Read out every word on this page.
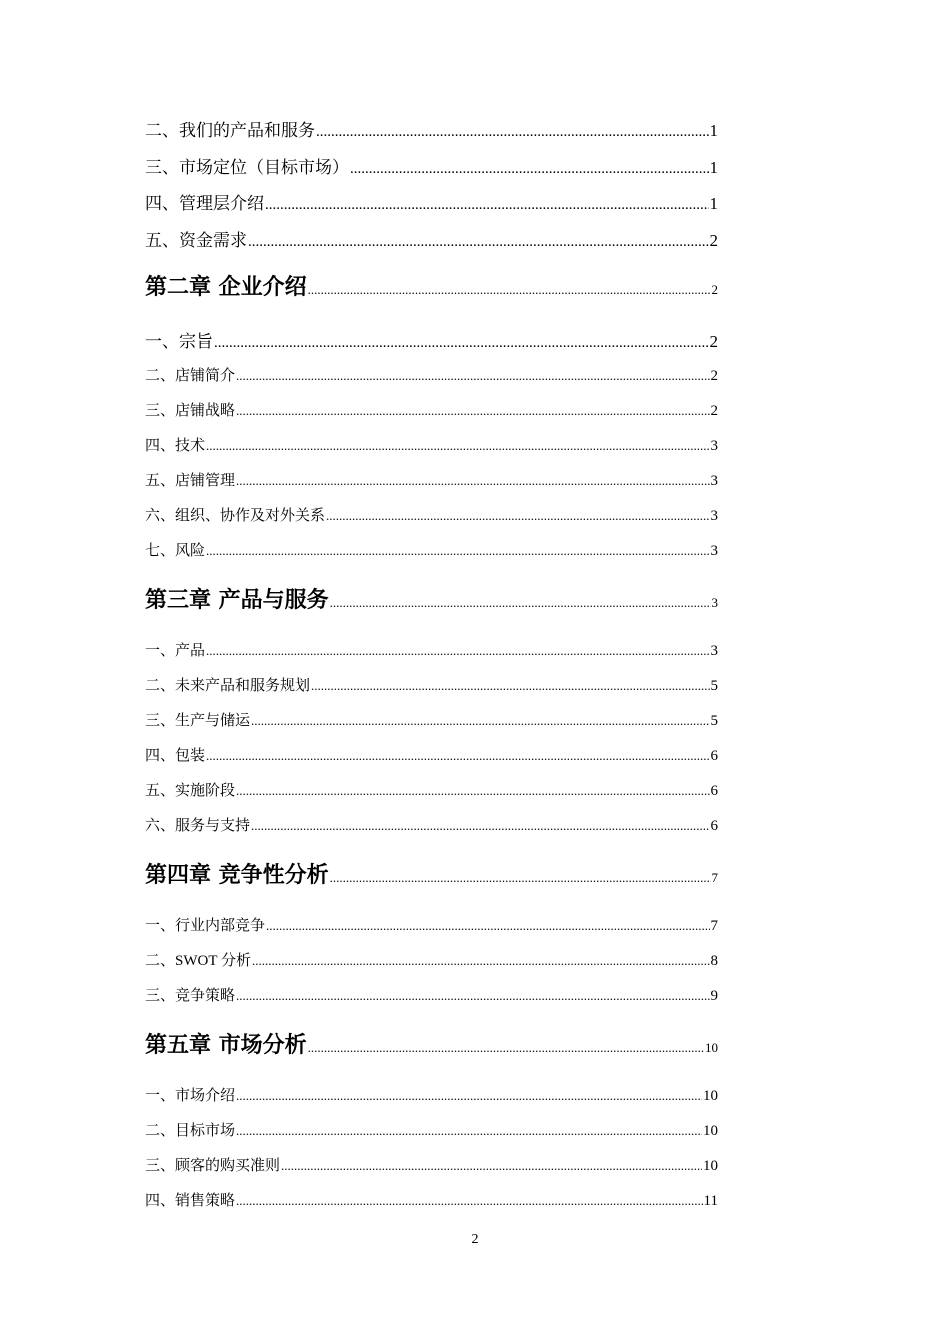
二、我们的产品和服务 .....	1
三、市场定位（目标市场） .....	1
四、管理层介绍 .....	1
五、资金需求 .....	2
第二章 企业介绍 .....	2
一、宗旨 .....	2
二、店铺简介 .....	2
三、店铺战略 .....	2
四、技术 .....	3
五、店铺管理 .....	3
六、组织、协作及对外关系 .....	3
七、风险 .....	3
第三章 产品与服务 .....	3
一、产品 .....	3
二、未来产品和服务规划 .....	5
三、生产与储运 .....	5
四、包装 .....	6
五、实施阶段 .....	6
六、服务与支持 .....	6
第四章 竞争性分析 .....	7
一、行业内部竞争 .....	7
二、SWOT 分析 .....	8
三、竞争策略 .....	9
第五章 市场分析 .....	10
一、市场介绍 .....	10
二、目标市场 .....	10
三、顾客的购买准则 .....	10
四、销售策略 .....	11
2
